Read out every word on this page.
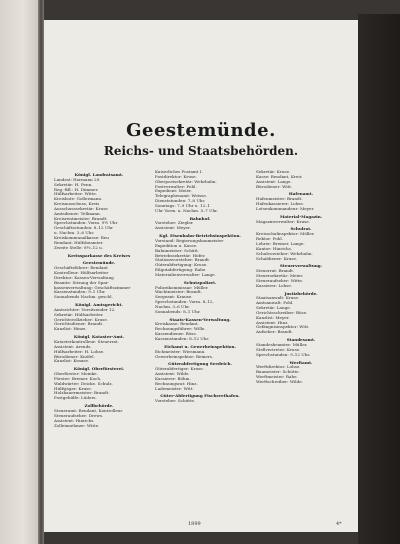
Geestemünde.
Reichs- und Staatsbehörden.

Königl. Landratsamt.

Landrat: Hormann 29.

Sekretär: H. Penn.

Reg.-Bfl.: H. Dimmer.

Hülfsarbeiter: Witte.

Kreisbote: Gollermann.

Kreisausschuss, Kreis

Ausschusssekretär: Kruse

Amtsdiener: Tellmann.

Kreisrentmeister: Brandt.

Sprechstunden: Vorm. 9½ Uhr

Geschäftsstunden: 8–12 Uhr

u. Nachm. 3–6 Uhr.

Kreiskommunalkasse: Reu

Rendant: Hülfsbeamter

Zweite Stelle: 8½–12 u.

Kreissparkasse des Kreises

Geestemünde.

Geschäftsführer: Rendant

Kontrolleur: Hülfsarbeiter

Direktor: Kassen-Verwaltung

Beamte: Sitzung der Spar-

kassenverwaltung: Geschäftszimmer

Kassenstunden: 9–1 Uhr.

Sonnabends Nachm. geschl.

Königl. Amtsgericht.

Amtsrichter: Vorsitzender 12.

Sekretär: Hülfsarbeiter.

Gerichtsvollzieher: Kruse.

Gerichtsdiener: Brandt.

Kanzlist: Hinze.

Königl. Kataster-Amt.

Katasterkontrolleur: Steuerrat.

Assistent: Arends.

Hülfsarbeiter: H. Lohse.

Bürodiener: Knöfel.

Kanzlist: Krause.

Königl. Oberförsterei.

Oberförster: Meinke.

Förster: Bremer. Koch.

Waldwärter: Deicke. Schulz.

Hülfsjäger: Kruse.

Holzhauermeister: Brandt.

Postgehülfe: Lüders.

Zollbehörde.

Steueramt: Rendant, Kontrolleur

Steueraufseher: Drews.

Assistent: Hinrichs.

Zolleinnehmer: Witte.

Kaiserliches Postamt I.

Postdirektor: Kruse.

Oberpostsekretär: Wehrhahn.

Postverwalter: Pohl.

Expedient: Meier.

Telegraphenamt: Weisse.

Dienststunden: 7–8 Uhr.

Sonntags: 7–9 Uhr u. 12–1

Uhr Vorm. u. Nachm. 5–7 Uhr.

Bahnhof.

Vorsteher: Ziegler.

Assistent: Meyer.

Kgl. Eisenbahn-Betriebsinspektion.

Vorstand: Regierungsbaumeister

Expedition u. Kasse.

Bahnmeister: Schütt.

Betriebssekretär: Höfer.

Stationsvorsteher: Brandt.

Güterabfertigung: Kruse.

Eilgutabfertigung: Rabe.

Materialienverwalter: Lange.

Schutzpolizei.

Polizeikommissar: Müller.

Wachtmeister: Brandt.

Sergeant: Krause.

Sprechstunden: Vorm. 8–12,

Nachm. 3–6 Uhr.

Sonnabends: 8–1 Uhr.

Staats-Kassen-Verwaltung.

Kreiskasse: Rendant.

Rechnungsführer: Wille.

Kassendiener: Böse.

Kassenstunden: 8–12 Uhr.

Eichamt u. Gewerbeinspektion.

Eichmeister: Wiesmann.

Gewerbeinspektor: Reiners.

Güterabfertigung Seedeich.

Güterabfertiger: Kruse.

Assistent: Wilde.

Kassierer: Böhm.

Rechnungsrat: Hinz.

Lademeister: Witt.

Güter-Abfertigung Fischereihafen.

Vorsteher: Schütte.

Sekretär: Kruse.

Kasse: Rendant, Kreis

Assistent: Lange.

Bürodiener: Witt.

Hafenamt.

Hafenmeister: Brandt.

Hafenkassierer: Lohse.

Lotsenkommandeur: Meyer.

Material-Magazin.

Magazinverwalter: Kruse.

Schulrat.

Kreisschulinspektor: Möller.

Rektor: Pohl.

Lehrer: Bremer. Lange.

Kantor: Hinrichs.

Schulvorsteher: Wehrhahn.

Schuldiener: Kruse.

Steuerverwaltung.

Steuerrat: Brandt.

Steuersekretär: Meier.

Steueraufseher: Witte.

Kassierer: Lohse.

Justizbehörde.

Staatsanwalt: Kruse.

Amtsanwalt: Pohl.

Sekretär: Lange.

Gerichtsschreiber: Böse.

Kanzlist: Meyer.

Assistent: Hinz.

Gefängnisinspektor: Witt.

Aufseher: Brandt.

Standesamt.

Standesbeamter: Müller.

Stellvertreter: Kruse.

Sprechstunden: 9–12 Uhr.

Werftamt.

Werftdirektor: Lohse.

Baumeister: Schütte.

Werftmeister: Rabe.

Werftschreiber: Wilde.

1899	4*
